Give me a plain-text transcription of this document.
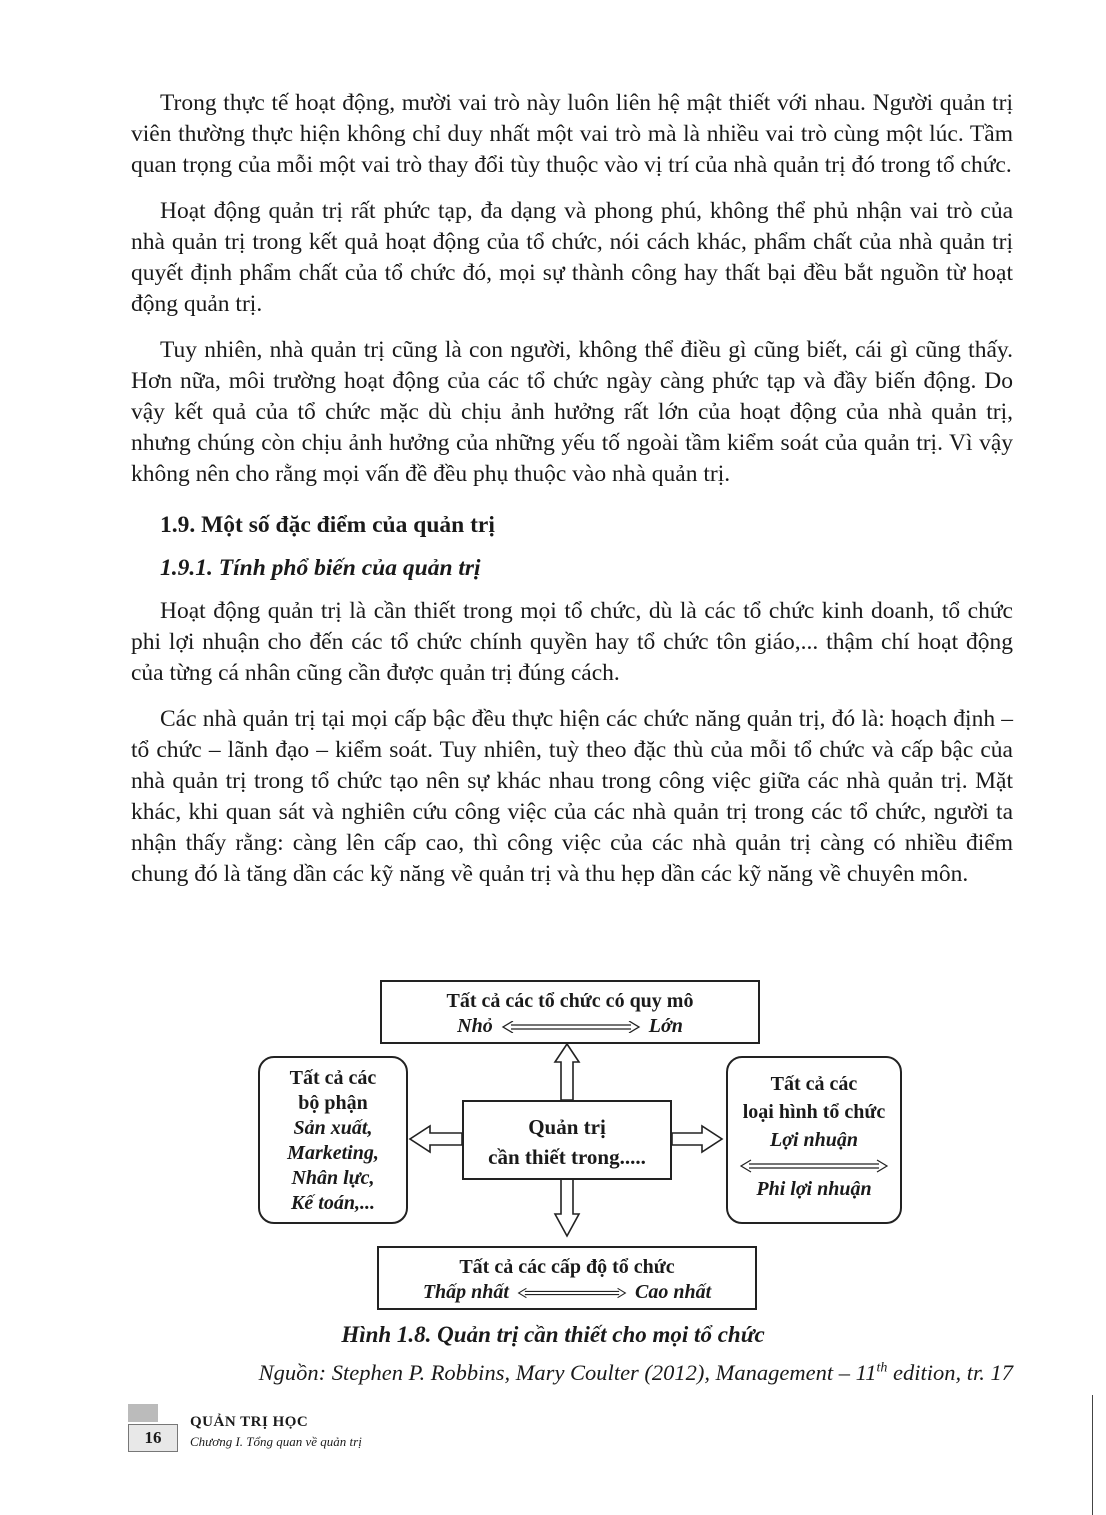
Trong thực tế hoạt động, mười vai trò này luôn liên hệ mật thiết với nhau. Người quản trị viên thường thực hiện không chỉ duy nhất một vai trò mà là nhiều vai trò cùng một lúc. Tầm quan trọng của mỗi một vai trò thay đổi tùy thuộc vào vị trí của nhà quản trị đó trong tổ chức.

Hoạt động quản trị rất phức tạp, đa dạng và phong phú, không thể phủ nhận vai trò của nhà quản trị trong kết quả hoạt động của tổ chức, nói cách khác, phẩm chất của nhà quản trị quyết định phẩm chất của tổ chức đó, mọi sự thành công hay thất bại đều bắt nguồn từ hoạt động quản trị.

Tuy nhiên, nhà quản trị cũng là con người, không thể điều gì cũng biết, cái gì cũng thấy. Hơn nữa, môi trường hoạt động của các tổ chức ngày càng phức tạp và đầy biến động. Do vậy kết quả của tổ chức mặc dù chịu ảnh hưởng rất lớn của hoạt động của nhà quản trị, nhưng chúng còn chịu ảnh hưởng của những yếu tố ngoài tầm kiểm soát của quản trị. Vì vậy không nên cho rằng mọi vấn đề đều phụ thuộc vào nhà quản trị.

1.9. Một số đặc điểm của quản trị
1.9.1. Tính phổ biến của quản trị

Hoạt động quản trị là cần thiết trong mọi tổ chức, dù là các tổ chức kinh doanh, tổ chức phi lợi nhuận cho đến các tổ chức chính quyền hay tổ chức tôn giáo,... thậm chí hoạt động của từng cá nhân cũng cần được quản trị đúng cách.

Các nhà quản trị tại mọi cấp bậc đều thực hiện các chức năng quản trị, đó là: hoạch định – tổ chức – lãnh đạo – kiểm soát. Tuy nhiên, tuỳ theo đặc thù của mỗi tổ chức và cấp bậc của nhà quản trị trong tổ chức tạo nên sự khác nhau trong công việc giữa các nhà quản trị. Mặt khác, khi quan sát và nghiên cứu công việc của các nhà quản trị trong các tổ chức, người ta nhận thấy rằng: càng lên cấp cao, thì công việc của các nhà quản trị càng có nhiều điểm chung đó là tăng dần các kỹ năng về quản trị và thu hẹp dần các kỹ năng về chuyên môn.

Tất cả các tổ chức có quy mô
Nhỏ	Lớn
Tất cả các
bộ phận
Sản xuất,
Marketing,
Nhân lực,
Kế toán,...
Quản trị
cần thiết trong.....
Tất cả các
loại hình tổ chức
Lợi nhuận
Phi lợi nhuận
Tất cả các cấp độ tổ chức
Thấp nhất	Cao nhất
Hình 1.8. Quản trị cần thiết cho mọi tổ chức
Nguồn: Stephen P. Robbins, Mary Coulter (2012), Management – 11th edition, tr. 17
16
QUẢN TRỊ HỌC
Chương I. Tổng quan về quản trị
